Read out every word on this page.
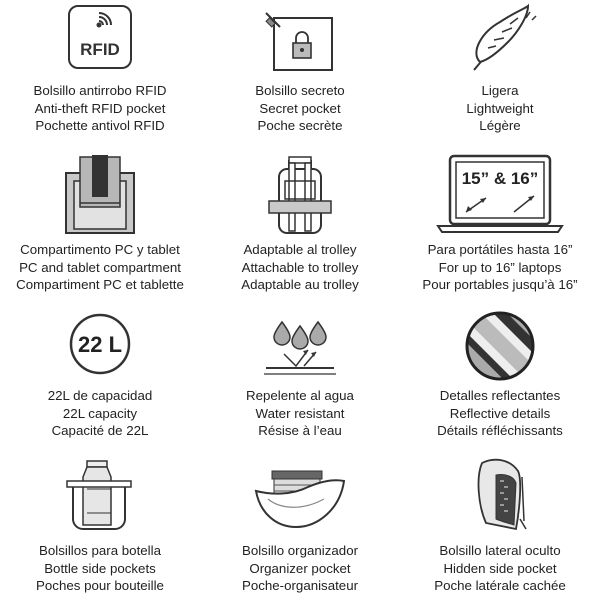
RFID
Bolsillo antirrobo RFID
Anti-theft RFID pocket
Pochette antivol RFID
Bolsillo secreto
Secret pocket
Poche secrète
Ligera
Lightweight
Légère
Compartimento PC y tablet
PC and tablet compartment
Compartiment PC et tablette
Adaptable al trolley
Attachable to trolley
Adaptable au trolley
15” & 16”
Para portátiles hasta 16”
For up to 16” laptops
Pour portables jusqu’à 16”
22 L
22L de capacidad
22L capacity
Capacité de 22L
Repelente al agua
Water resistant
Résise à l’eau
Detalles reflectantes
Reflective details
Détails réfléchissants
Bolsillos para botella
Bottle side pockets
Poches pour bouteille
Bolsillo organizador
Organizer pocket
Poche-organisateur
Bolsillo lateral oculto
Hidden side pocket
Poche latérale cachée
